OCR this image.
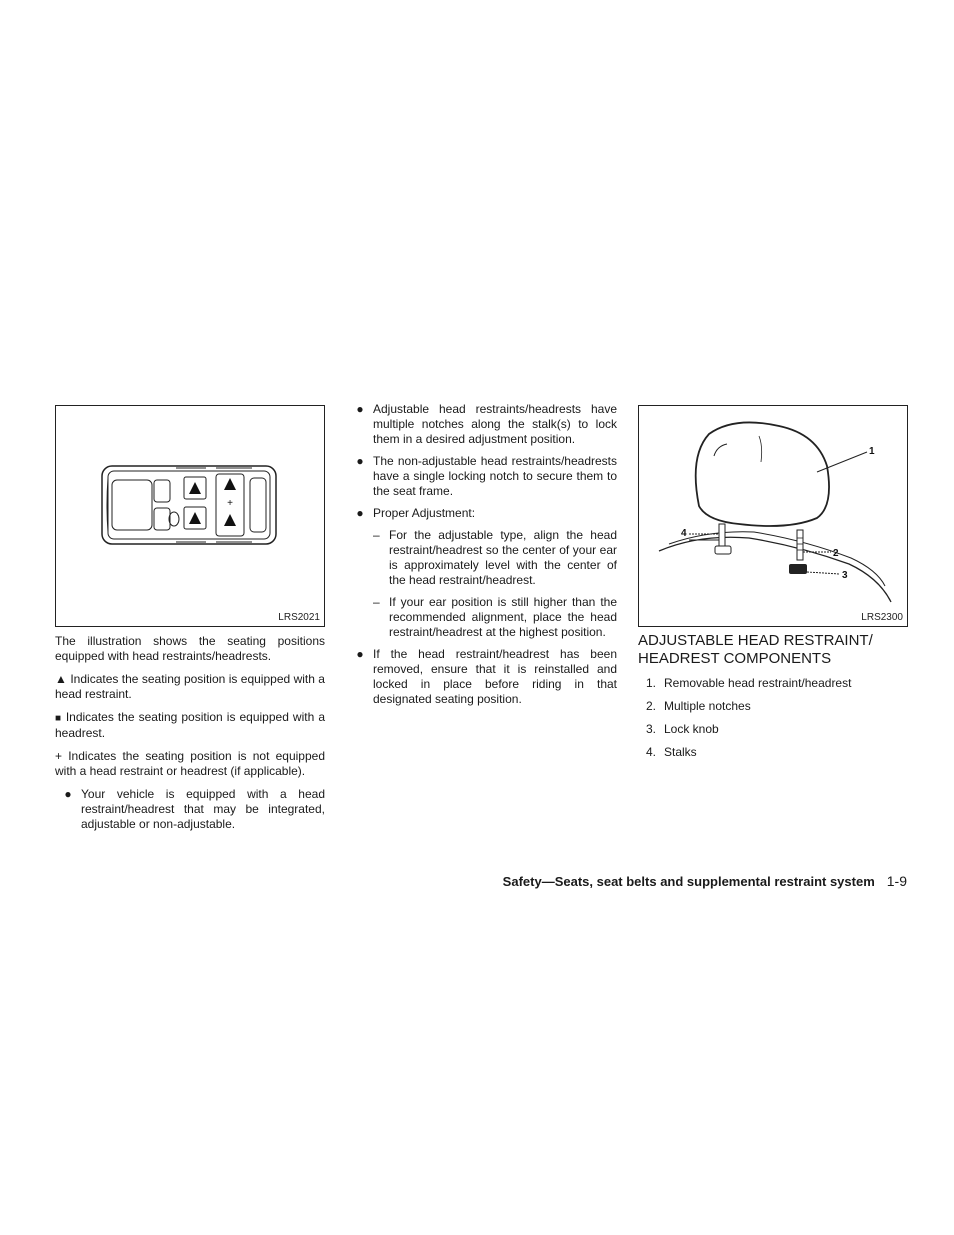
+
LRS2021

The illustration shows the seating positions equipped with head restraints/headrests.

▲ Indicates the seating position is equipped with a head restraint.

■ Indicates the seating position is equipped with a headrest.

+ Indicates the seating position is not equipped with a head restraint or headrest (if applicable).

● Your vehicle is equipped with a head restraint/headrest that may be integrated, adjustable or non-adjustable.
● Adjustable head restraints/headrests have multiple notches along the stalk(s) to lock them in a desired adjustment position.
● The non-adjustable head restraints/headrests have a single locking notch to secure them to the seat frame.
● Proper Adjustment:
– For the adjustable type, align the head restraint/headrest so the center of your ear is approximately level with the center of the head restraint/headrest.
– If your ear position is still higher than the recommended alignment, place the head restraint/headrest at the highest position.
● If the head restraint/headrest has been removed, ensure that it is reinstalled and locked in place before riding in that designated seating position.
1
2
3
4
LRS2300
ADJUSTABLE HEAD RESTRAINT/
HEADREST COMPONENTS
1. Removable head restraint/headrest
2. Multiple notches
3. Lock knob
4. Stalks
Safety—Seats, seat belts and supplemental restraint system 1-9
